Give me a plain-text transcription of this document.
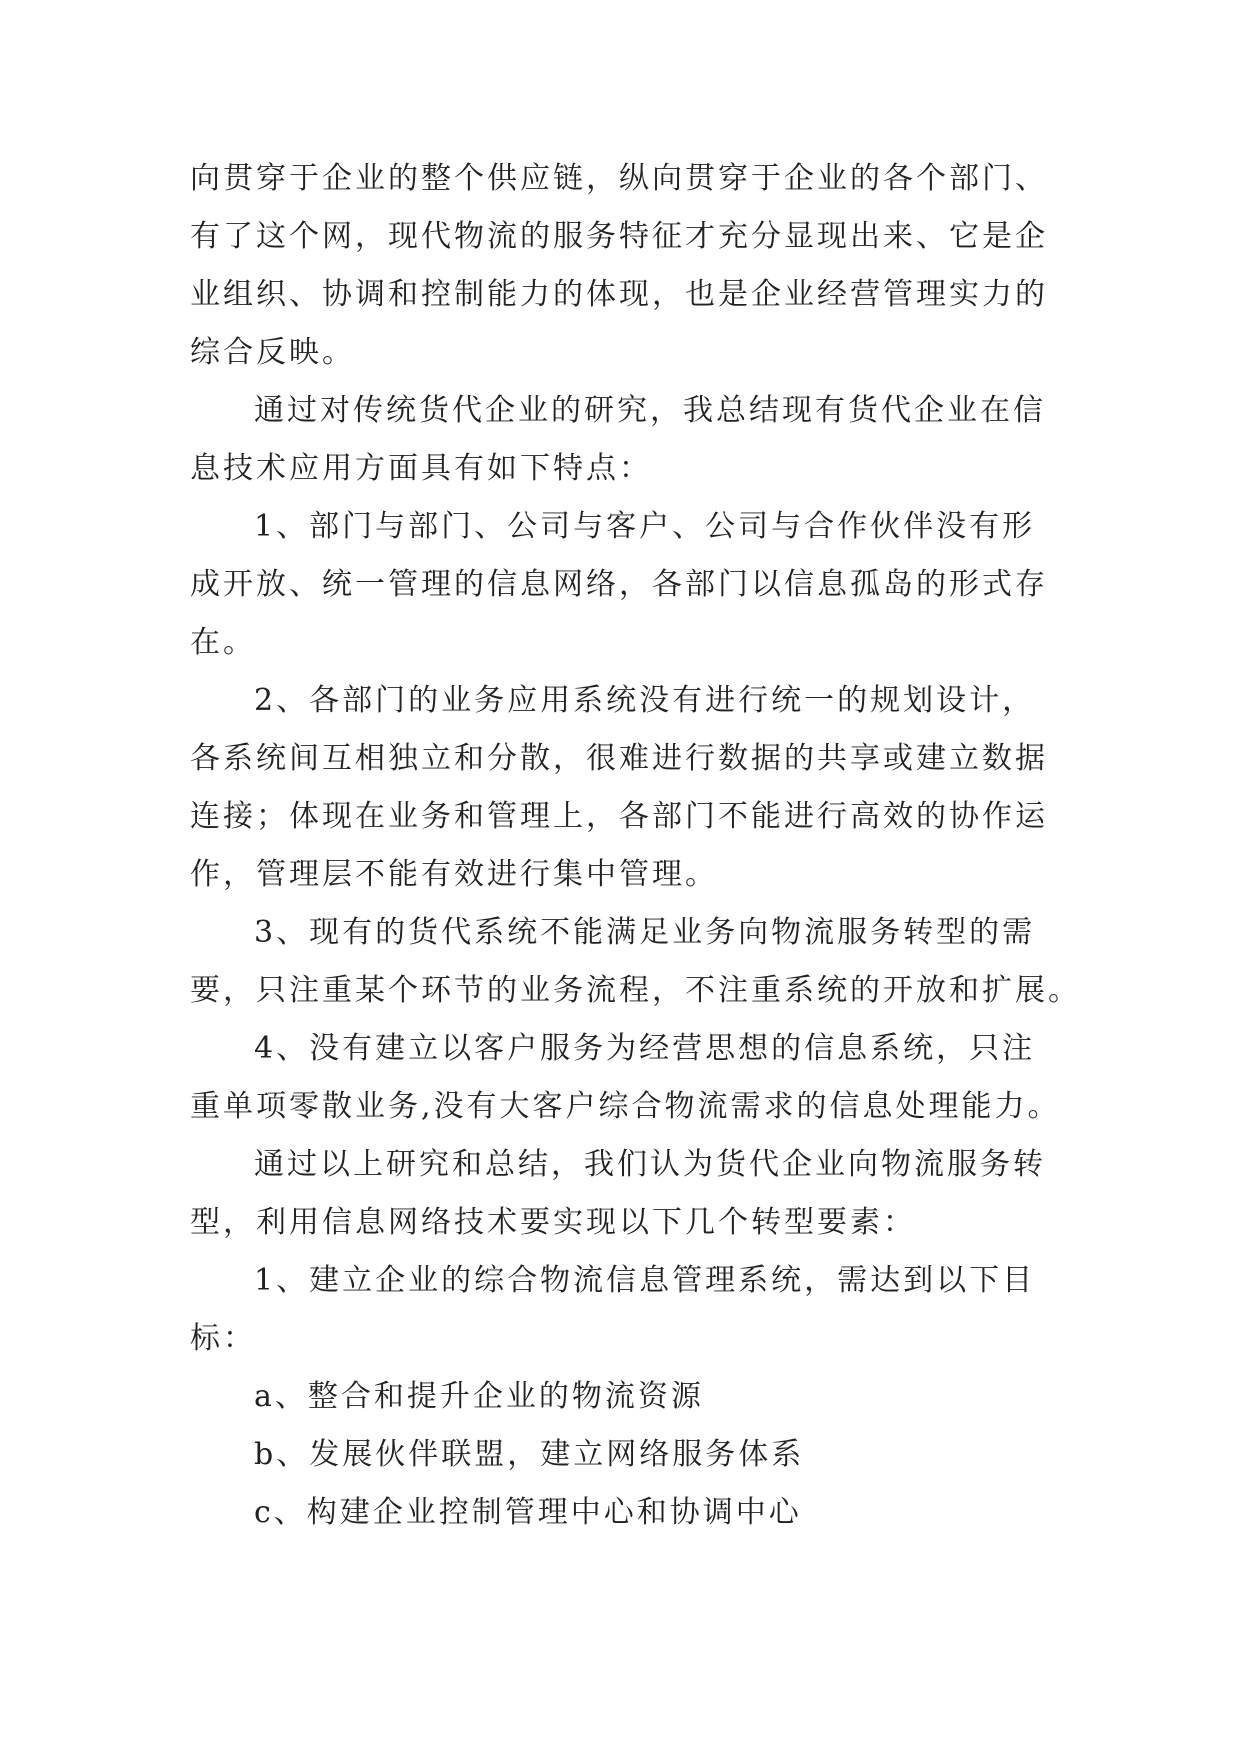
向贯穿于企业的整个供应链，纵向贯穿于企业的各个部门、
有了这个网，现代物流的服务特征才充分显现出来、它是企
业组织、协调和控制能力的体现，也是企业经营管理实力的
综合反映。
通过对传统货代企业的研究，我总结现有货代企业在信
息技术应用方面具有如下特点：
1、部门与部门、公司与客户、公司与合作伙伴没有形
成开放、统一管理的信息网络，各部门以信息孤岛的形式存
在。
2、各部门的业务应用系统没有进行统一的规划设计，
各系统间互相独立和分散，很难进行数据的共享或建立数据
连接；体现在业务和管理上，各部门不能进行高效的协作运
作，管理层不能有效进行集中管理。
3、现有的货代系统不能满足业务向物流服务转型的需
要，只注重某个环节的业务流程，不注重系统的开放和扩展。
4、没有建立以客户服务为经营思想的信息系统，只注
重单项零散业务,没有大客户综合物流需求的信息处理能力。
通过以上研究和总结，我们认为货代企业向物流服务转
型，利用信息网络技术要实现以下几个转型要素：
1、建立企业的综合物流信息管理系统，需达到以下目
标：
a、整合和提升企业的物流资源
b、发展伙伴联盟，建立网络服务体系
c、构建企业控制管理中心和协调中心
